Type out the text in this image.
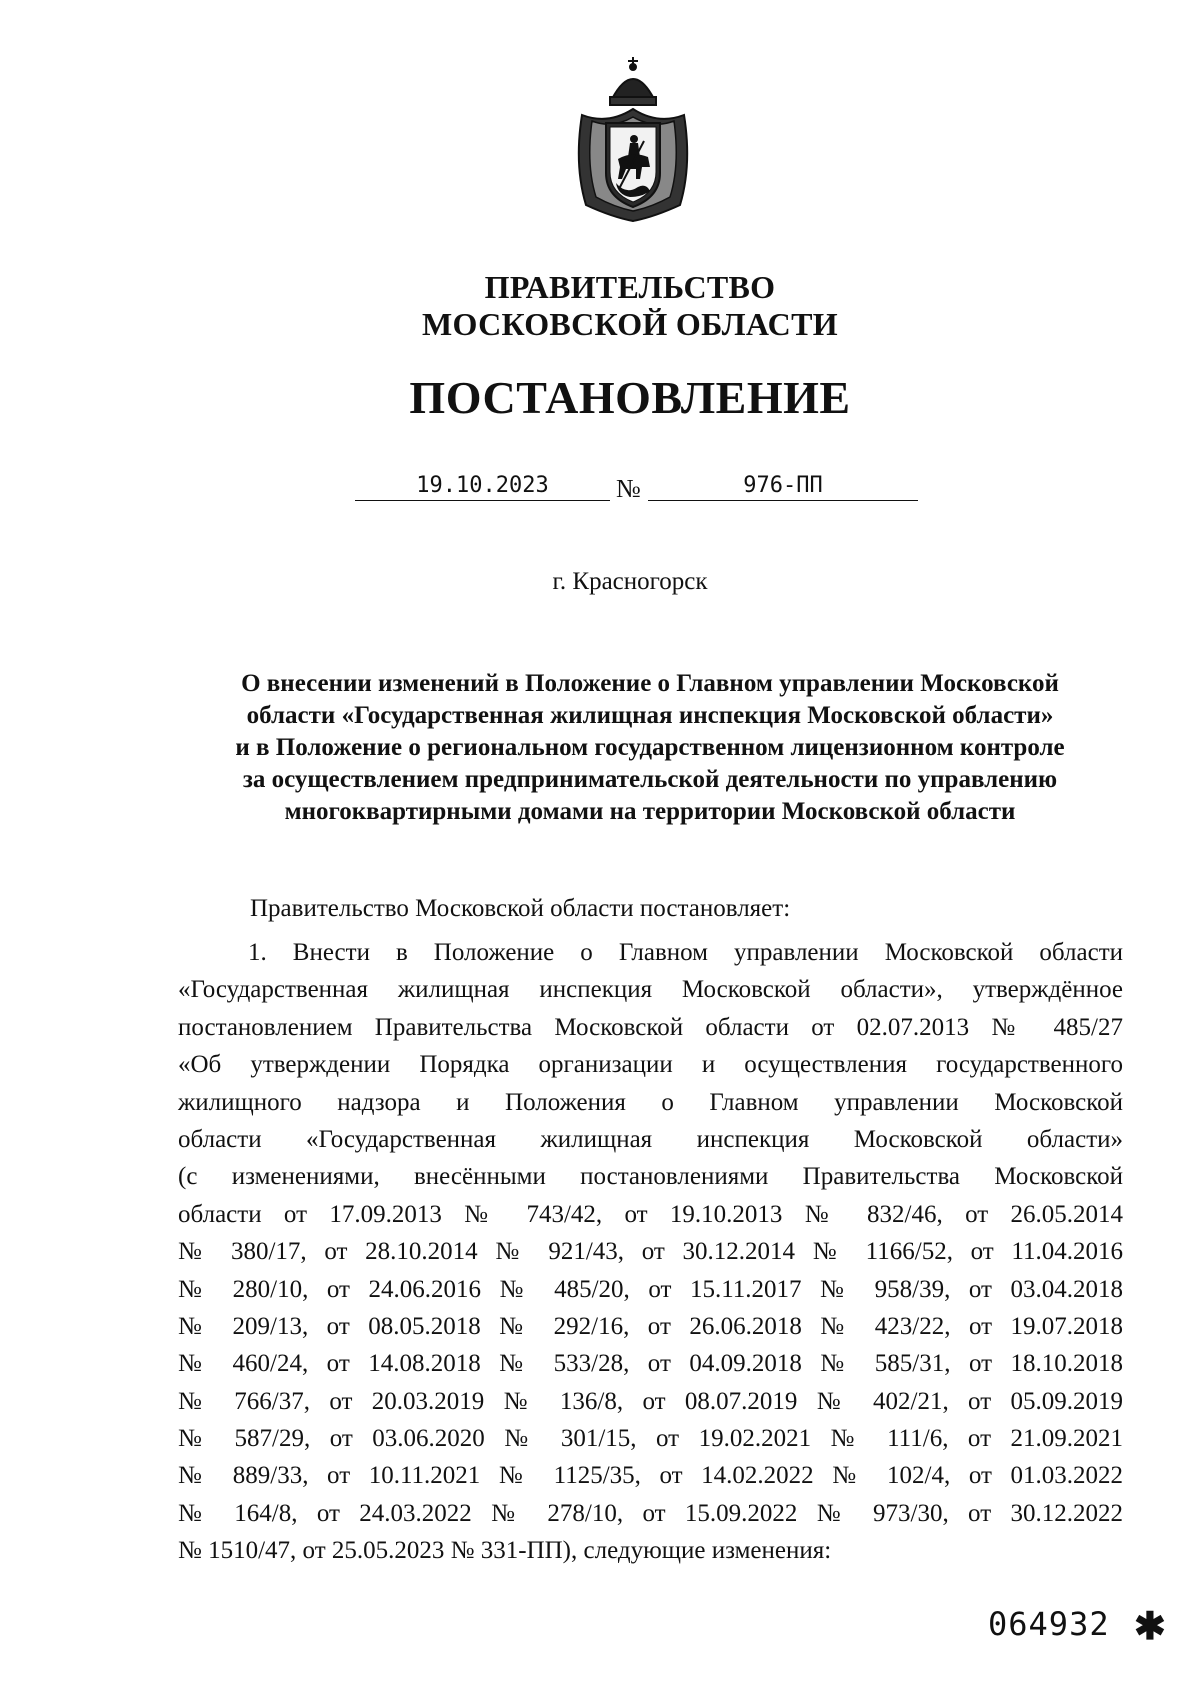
ПРАВИТЕЛЬСТВО
МОСКОВСКОЙ ОБЛАСТИ
ПОСТАНОВЛЕНИЕ
19.10.2023	№	976-ПП
г. Красногорск
О внесении изменений в Положение о Главном управлении Московской
области «Государственная жилищная инспекция Московской области»
и в Положение о региональном государственном лицензионном контроле
за осуществлением предпринимательской деятельности по управлению
многоквартирными домами на территории Московской области
Правительство Московской области постановляет:
1. Внести в Положение о Главном управлении Московской области
«Государственная жилищная инспекция Московской области», утверждённое
постановлением Правительства Московской области от 02.07.2013 № 485/27
«Об утверждении Порядка организации и осуществления государственного
жилищного надзора и Положения о Главном управлении Московской
области «Государственная жилищная инспекция Московской области»
(с изменениями, внесёнными постановлениями Правительства Московской
области от 17.09.2013 № 743/42, от 19.10.2013 № 832/46, от 26.05.2014
№ 380/17, от 28.10.2014 № 921/43, от 30.12.2014 № 1166/52, от 11.04.2016
№ 280/10, от 24.06.2016 № 485/20, от 15.11.2017 № 958/39, от 03.04.2018
№ 209/13, от 08.05.2018 № 292/16, от 26.06.2018 № 423/22, от 19.07.2018
№ 460/24, от 14.08.2018 № 533/28, от 04.09.2018 № 585/31, от 18.10.2018
№ 766/37, от 20.03.2019 № 136/8, от 08.07.2019 № 402/21, от 05.09.2019
№ 587/29, от 03.06.2020 № 301/15, от 19.02.2021 № 111/6, от 21.09.2021
№ 889/33, от 10.11.2021 № 1125/35, от 14.02.2022 № 102/4, от 01.03.2022
№ 164/8, от 24.03.2022 № 278/10, от 15.09.2022 № 973/30, от 30.12.2022
№ 1510/47, от 25.05.2023 № 331-ПП), следующие изменения:
064932 ✱
